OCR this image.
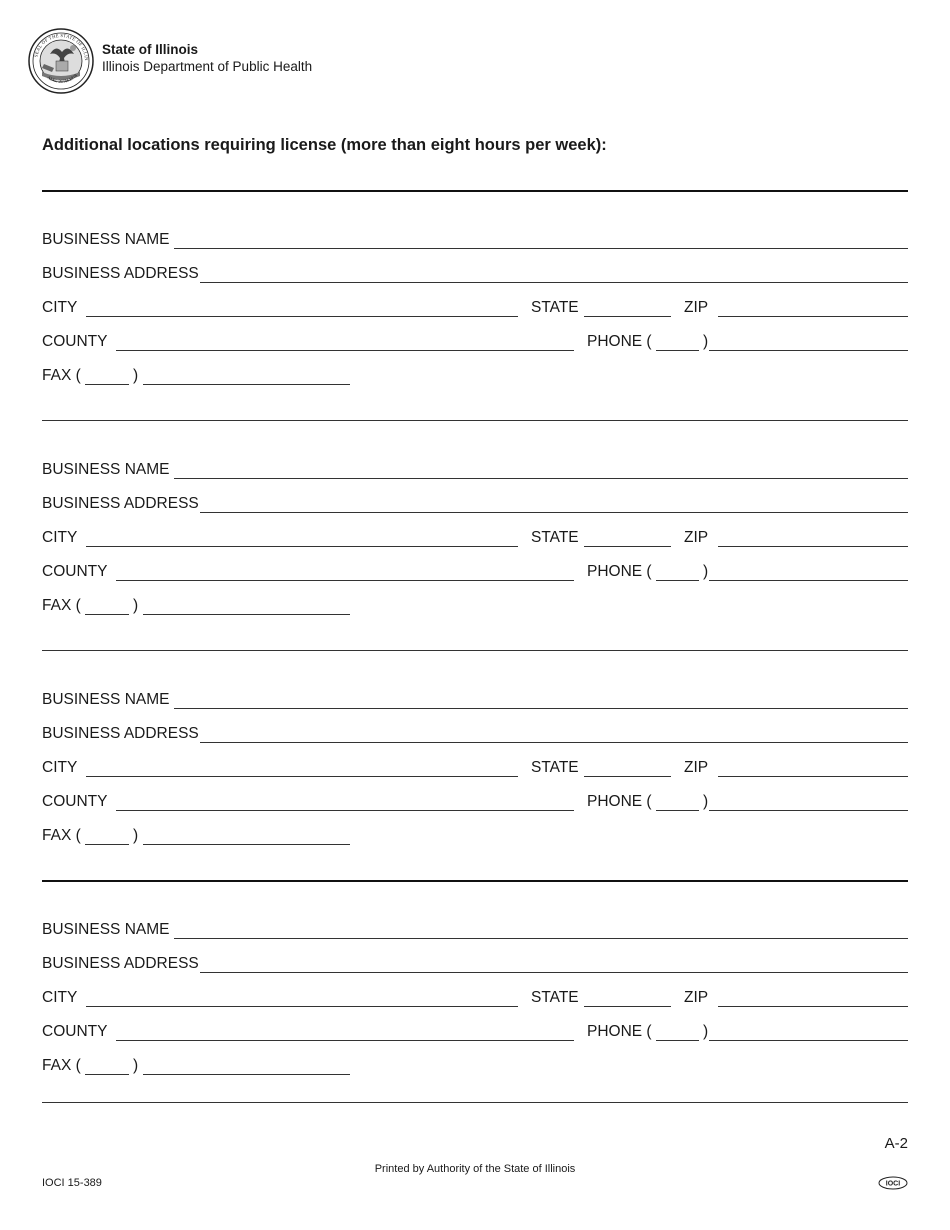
SEAL OF THE STATE OF ILLIN
AUG. 26TH 1818
State of Illinois
Illinois Department of Public Health
Additional locations requiring license (more than eight hours per week):
BUSINESS NAME
BUSINESS ADDRESS
CITY	STATE	ZIP
COUNTY	PHONE (	)
FAX (	)
BUSINESS NAME
BUSINESS ADDRESS
CITY	STATE	ZIP
COUNTY	PHONE (	)
FAX (	)
BUSINESS NAME
BUSINESS ADDRESS
CITY	STATE	ZIP
COUNTY	PHONE (	)
FAX (	)
BUSINESS NAME
BUSINESS ADDRESS
CITY	STATE	ZIP
COUNTY	PHONE (	)
FAX (	)
A-2
Printed by Authority of the State of Illinois
IOCI 15-389	IOCI
